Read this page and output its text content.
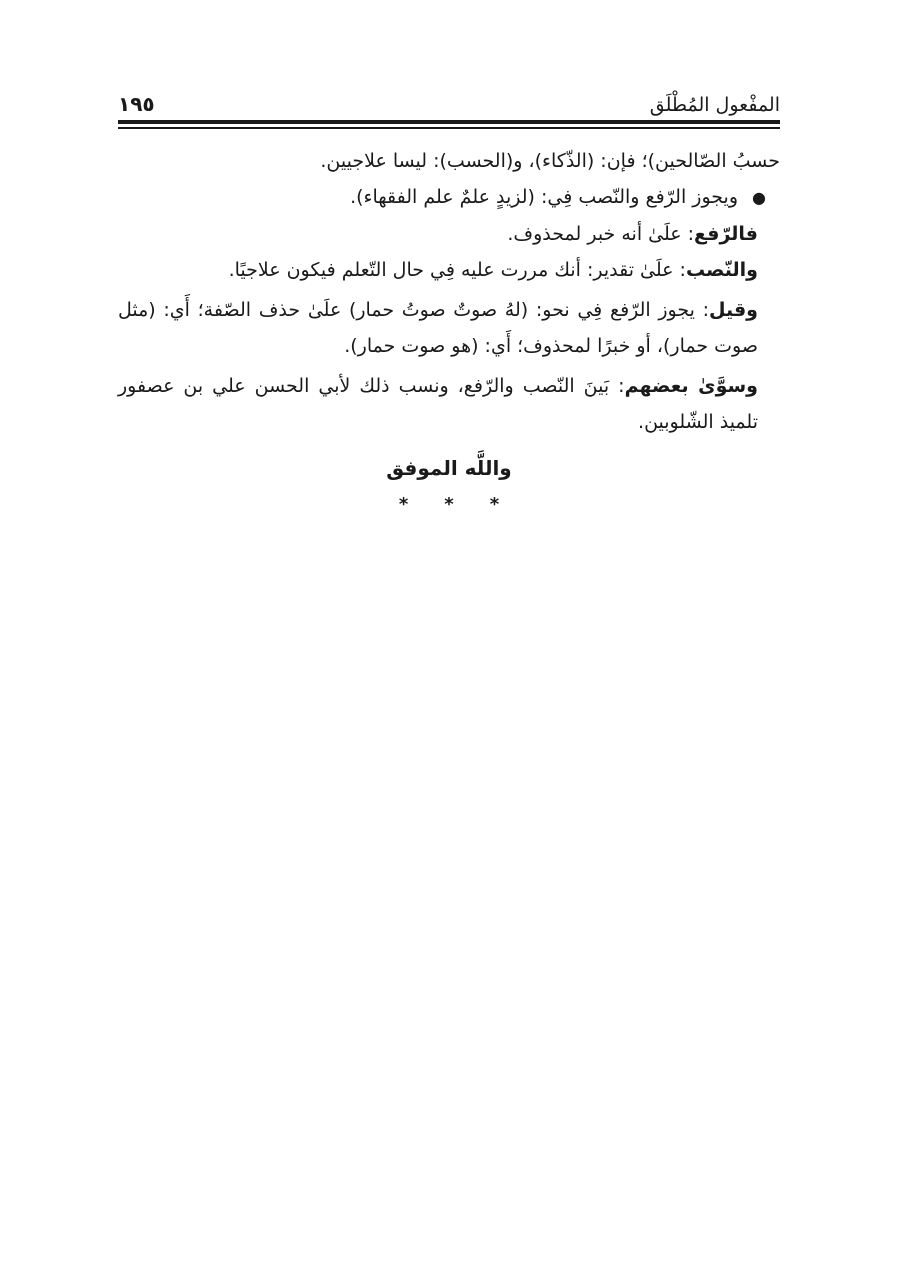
المفْعول المُطْلَق
١٩٥

حسبُ الصّالحين)؛ فإن: (الذّكاء)، و(الحسب): ليسا علاجيين.

●
ويجوز الرّفع والنّصب فِي: (لزيدٍ علمٌ علم الفقهاء).

فالرّفع: علَىٰ أنه خبر لمحذوف.

والنّصب: علَىٰ تقدير: أنك مررت عليه فِي حال التّعلم فيكون علاجيًا.

وقيل: يجوز الرّفع فِي نحو: (لهُ صوتٌ صوتُ حمار) علَىٰ حذف الصّفة؛ أَي: (مثل صوت حمار)، أو خبرًا لمحذوف؛ أَي: (هو صوت حمار).

وسوَّىٰ بعضهم: بَينَ النّصب والرّفع، ونسب ذلك لأبي الحسن علي بن عصفور تلميذ الشّلوبين.

واللَّه الموفق
*
*
*
